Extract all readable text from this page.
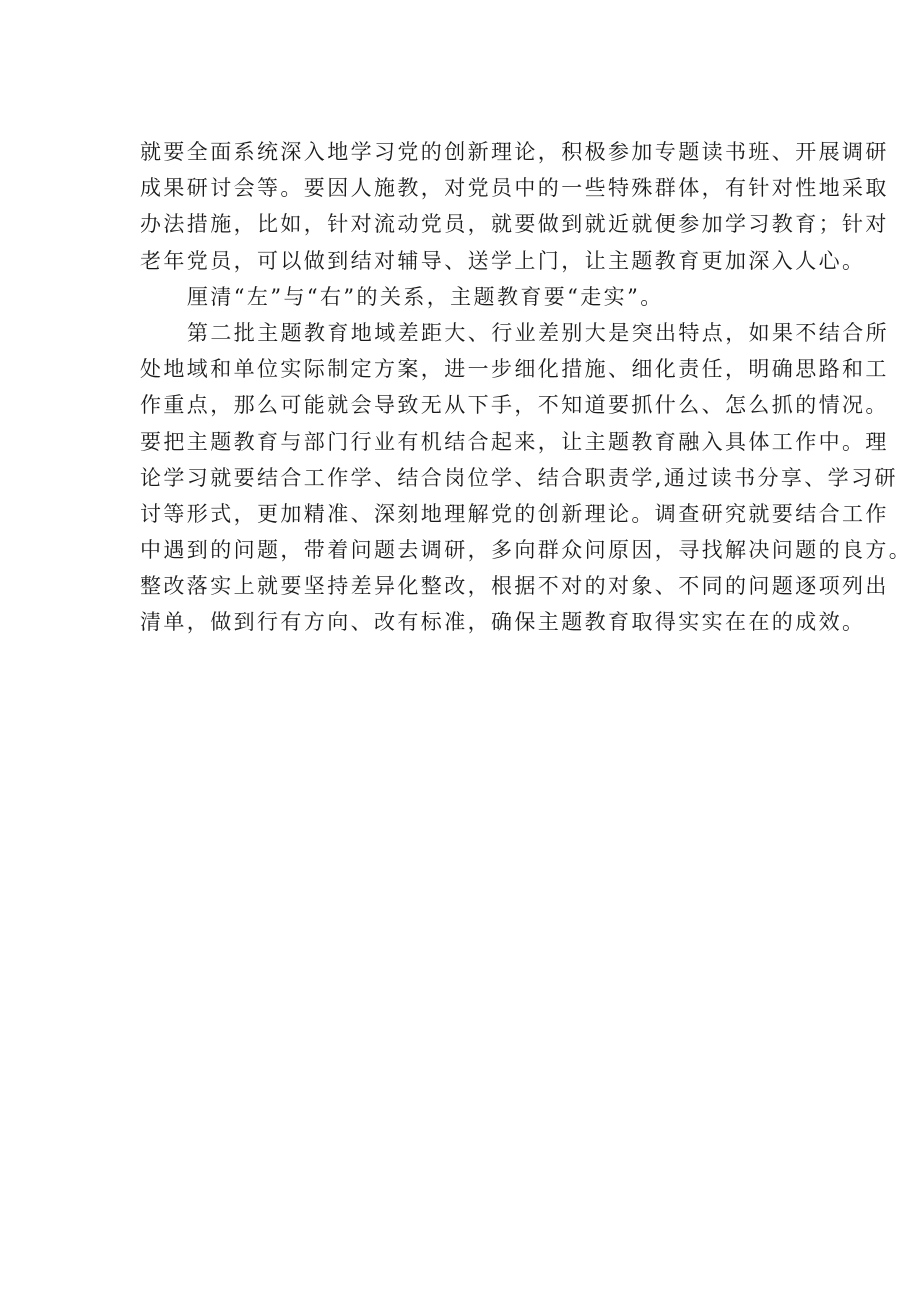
就要全面系统深入地学习党的创新理论，积极参加专题读书班、开展调研
成果研讨会等。要因人施教，对党员中的一些特殊群体，有针对性地采取
办法措施，比如，针对流动党员，就要做到就近就便参加学习教育；针对
老年党员，可以做到结对辅导、送学上门，让主题教育更加深入人心。
厘清“左”与“右”的关系，主题教育要“走实”。
第二批主题教育地域差距大、行业差别大是突出特点，如果不结合所
处地域和单位实际制定方案，进一步细化措施、细化责任，明确思路和工
作重点，那么可能就会导致无从下手，不知道要抓什么、怎么抓的情况。
要把主题教育与部门行业有机结合起来，让主题教育融入具体工作中。理
论学习就要结合工作学、结合岗位学、结合职责学,通过读书分享、学习研
讨等形式，更加精准、深刻地理解党的创新理论。调查研究就要结合工作
中遇到的问题，带着问题去调研，多向群众问原因，寻找解决问题的良方。
整改落实上就要坚持差异化整改，根据不对的对象、不同的问题逐项列出
清单，做到行有方向、改有标准，确保主题教育取得实实在在的成效。
